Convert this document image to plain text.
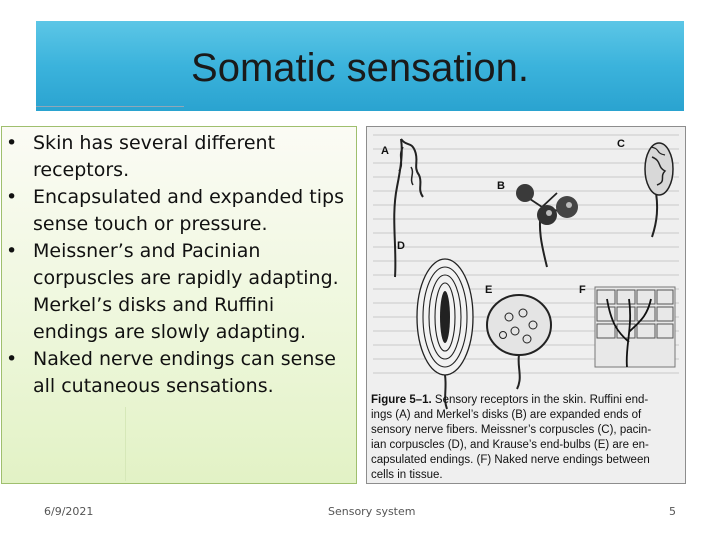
Somatic sensation.
• Skin has several different receptors.
• Encapsulated and expanded tips sense touch or pressure.
• Meissner’s and Pacinian corpuscles are rapidly adapting. Merkel’s disks and Ruffini endings are slowly adapting.
• Naked nerve endings can sense all cutaneous sensations.
A
B
C
D
E	F
Figure 5–1. Sensory receptors in the skin. Ruffini end-
ings (A) and Merkel’s disks (B) are expanded ends of
sensory nerve fibers. Meissner’s corpuscles (C), pacin-
ian corpuscles (D), and Krause’s end-bulbs (E) are en-
capsulated endings. (F) Naked nerve endings between
cells in tissue.
6/9/2021	Sensory system	5
